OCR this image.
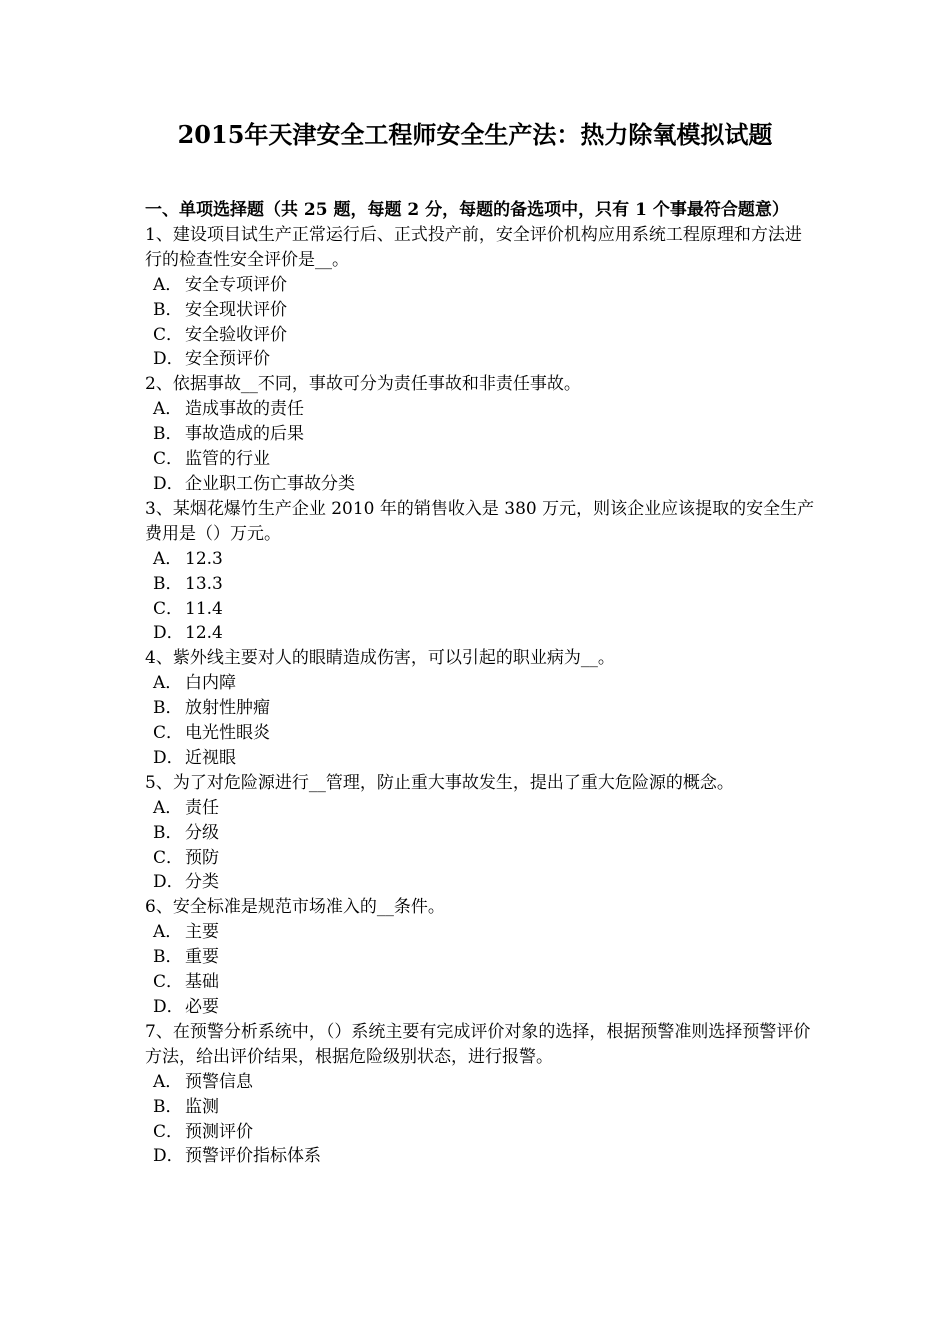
2015年天津安全工程师安全生产法：热力除氧模拟试题

一、单项选择题（共 25 题，每题 2 分，每题的备选项中，只有 1 个事最符合题意）

1、建设项目试生产正常运行后、正式投产前，安全评价机构应用系统工程原理和方法进行的检查性安全评价是__。

A． 安全专项评价

B． 安全现状评价

C． 安全验收评价

D．安全预评价

2、依据事故__不同，事故可分为责任事故和非责任事故。

A． 造成事故的责任

B． 事故造成的后果

C． 监管的行业

D．企业职工伤亡事故分类

3、某烟花爆竹生产企业 2010 年的销售收入是 380 万元，则该企业应该提取的安全生产费用是（）万元。

A． 12.3

B． 13.3

C． 11.4

D．12.4

4、紫外线主要对人的眼睛造成伤害，可以引起的职业病为__。

A． 白内障

B． 放射性肿瘤

C． 电光性眼炎

D．近视眼

5、为了对危险源进行__管理，防止重大事故发生，提出了重大危险源的概念。

A． 责任

B． 分级

C． 预防

D．分类

6、安全标准是规范市场准入的__条件。

A． 主要

B． 重要

C． 基础

D．必要

7、在预警分析系统中，（）系统主要有完成评价对象的选择，根据预警准则选择预警评价方法，给出评价结果，根据危险级别状态，进行报警。

A． 预警信息

B． 监测

C． 预测评价

D．预警评价指标体系
